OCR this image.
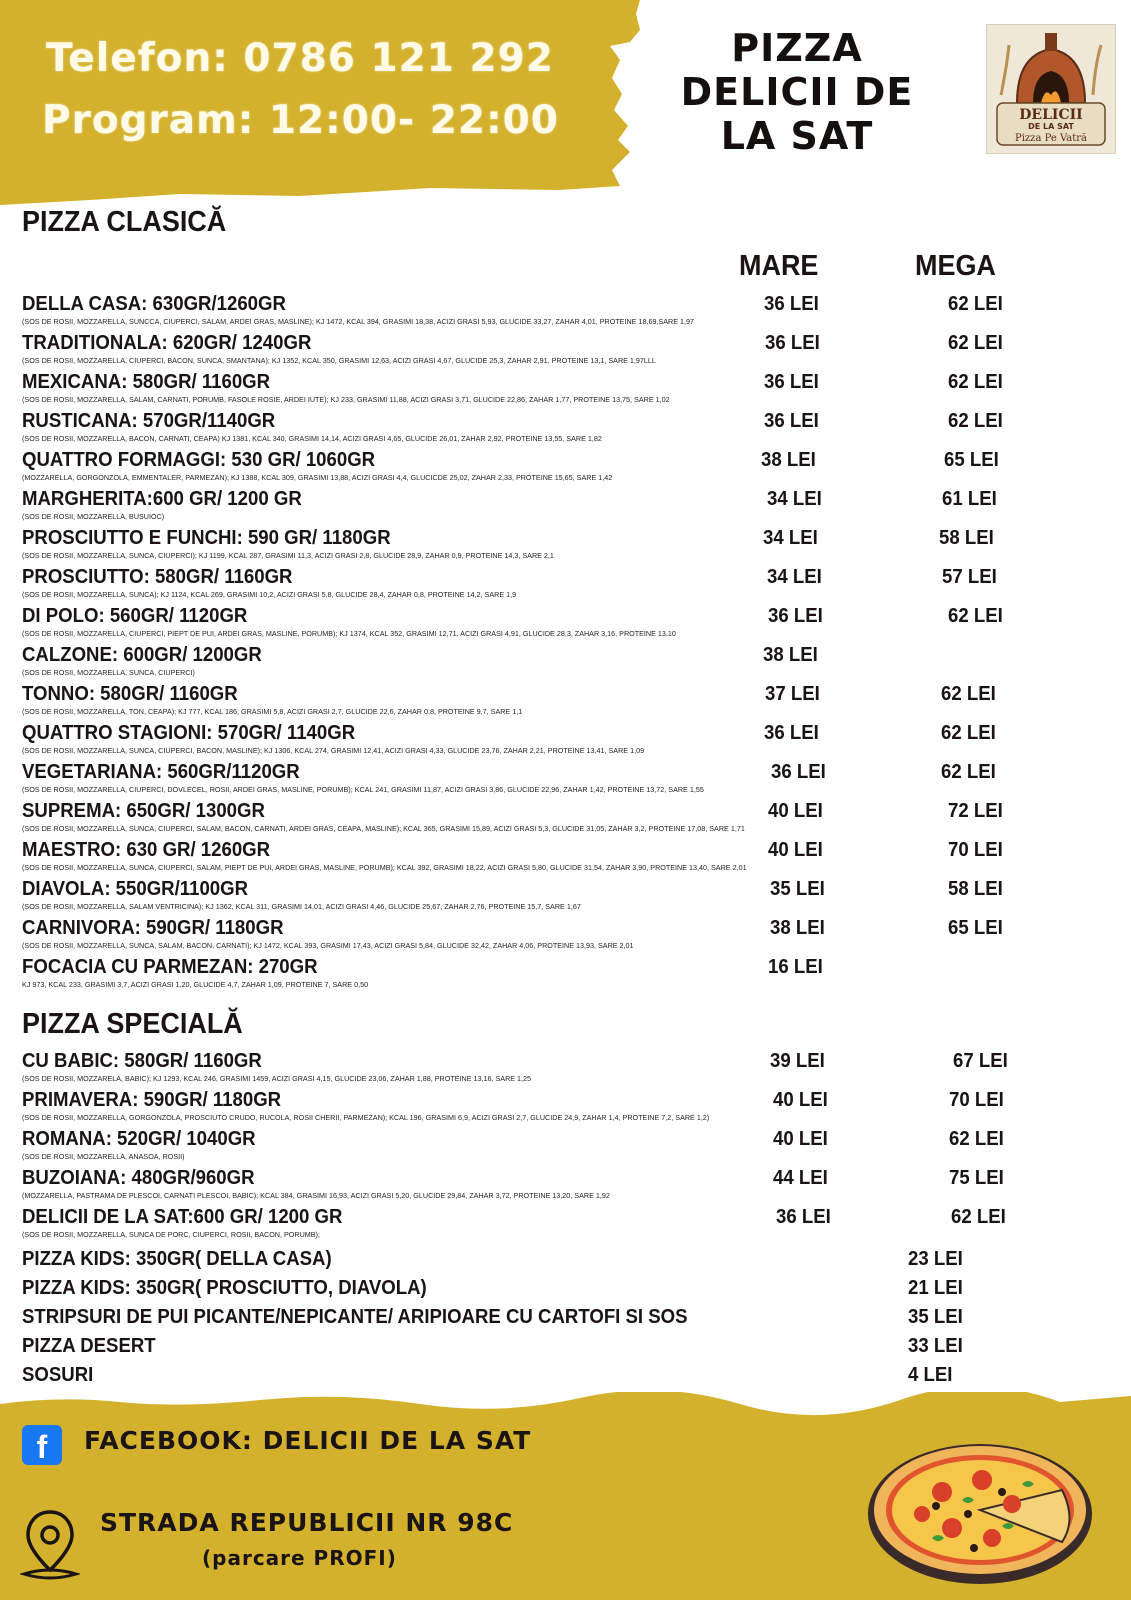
Telefon: 0786 121 292
Program: 12:00- 22:00
PIZZA
DELICII DE
LA SAT	DELICII
DE LA SAT
Pizza Pe Vatră
PIZZA CLASICĂ
MARE	MEGA
DELLA CASA: 630GR/1260GR
(SOS DE ROSII, MOZZARELLA, SUNCCA, CIUPERCI, SALAM, ARDEI GRAS, MASLINE); KJ 1472, KCAL 394, GRASIMI 18,38, ACIZI GRASI 5,93, GLUCIDE 33,27, ZAHAR 4,01, PROTEINE 18,69,SARE 1,97
36 LEI	62 LEI
TRADITIONALA: 620GR/ 1240GR
(SOS DE ROSII, MOZZARELLA, CIUPERCI, BACON, SUNCA, SMANTANA); KJ 1352, KCAL 350, GRASIMI 12,63, ACIZI GRASI 4,67, GLUCIDE 25,3, ZAHAR 2,91, PROTEINE 13,1, SARE 1,97LLL
36 LEI	62 LEI
MEXICANA: 580GR/ 1160GR
(SOS DE ROSII, MOZZARELLA, SALAM, CARNATI, PORUMB, FASOLE ROSIE, ARDEI IUTE); KJ 233, GRASIMI 11,88, ACIZI GRASI 3,71, GLUCIDE 22,86, ZAHAR 1,77, PROTEINE 13,75, SARE 1,02
36 LEI	62 LEI
RUSTICANA: 570GR/1140GR
(SOS DE ROSII, MOZZARELLA, BACON, CARNATI, CEAPA) KJ 1381, KCAL 340, GRASIMI 14,14, ACIZI GRASI 4,65, GLUCIDE 26,01, ZAHAR 2,92, PROTEINE 13,55, SARE 1,82
36 LEI	62 LEI
QUATTRO FORMAGGI: 530 GR/ 1060GR
(MOZZARELLA, GORGONZOLA, EMMENTALER, PARMEZAN); KJ 1388, KCAL 309, GRASIMI 13,88, ACIZI GRASI 4,4, GLUCICDE 25,02, ZAHAR 2,33, PROTEINE 15,65, SARE 1,42
38 LEI	65 LEI
MARGHERITA:600 GR/ 1200 GR
(SOS DE ROSII, MOZZARELLA, BUSUIOC)
34 LEI	61 LEI
PROSCIUTTO E FUNCHI: 590 GR/ 1180GR
(SOS DE ROSII, MOZZARELLA, SUNCA, CIUPERCI); KJ 1199, KCAL 287, GRASIMI 11,3, ACIZI GRASI 2,8, GLUCIDE 28,9, ZAHAR 0,9, PROTEINE 14,3, SARE 2,1
34 LEI	58 LEI
PROSCIUTTO: 580GR/ 1160GR
(SOS DE ROSII, MOZZARELLA, SUNCA); KJ 1124, KCAL 269, GRASIMI 10,2, ACIZI GRASI 5,8, GLUCIDE 28,4, ZAHAR 0,8, PROTEINE 14,2, SARE 1,9
34 LEI	57 LEI
DI POLO: 560GR/ 1120GR
(SOS DE ROSII, MOZZARELLA, CIUPERCI, PIEPT DE PUI, ARDEI GRAS, MASLINE, PORUMB); KJ 1374, KCAL 352, GRASIMI 12,71, ACIZI GRASI 4,91, GLUCIDE 28,3, ZAHAR 3,16, PROTEINE 13,10
36 LEI	62 LEI
CALZONE: 600GR/ 1200GR
(SOS DE ROSII, MOZZARELLA, SUNCA, CIUPERCI)
38 LEI
TONNO: 580GR/ 1160GR
(SOS DE ROSII, MOZZARELLA, TON, CEAPA); KJ 777, KCAL 186, GRASIMI 5,8, ACIZI GRASI 2,7, GLUCIDE 22,6, ZAHAR 0,8, PROTEINE 9,7, SARE 1,1
37 LEI	62 LEI
QUATTRO STAGIONI: 570GR/ 1140GR
(SOS DE ROSII, MOZZARELLA, SUNCA, CIUPERCI, BACON, MASLINE); KJ 1306, KCAL 274, GRASIMI 12,41, ACIZI GRASI 4,33, GLUCIDE 23,76, ZAHAR 2,21, PROTEINE 13,41, SARE 1,09
36 LEI	62 LEI
VEGETARIANA: 560GR/1120GR
(SOS DE ROSII, MOZZARELLA, CIUPERCI, DOVLECEL, ROSII, ARDEI GRAS, MASLINE, PORUMB); KCAL 241, GRASIMI 11,87, ACIZI GRASI 3,86, GLUCIDE 22,96, ZAHAR 1,42, PROTEINE 13,72, SARE 1,55
36 LEI	62 LEI
SUPREMA: 650GR/ 1300GR
(SOS DE ROSII, MOZZARELLA, SUNCA, CIUPERCI, SALAM, BACON, CARNATI, ARDEI GRAS, CEAPA, MASLINE); KCAL 365, GRASIMI 15,89, ACIZI GRASI 5,3, GLUCIDE 31,05, ZAHAR 3,2, PROTEINE 17,08, SARE 1,71
40 LEI	72 LEI
MAESTRO: 630 GR/ 1260GR
(SOS DE ROSII, MOZZARELLA, SUNCA, CIUPERCI, SALAM, PIEPT DE PUI, ARDEI GRAS, MASLINE, PORUMB); KCAL 392, GRASIMI 18,22, ACIZI GRASI 5,80, GLUCIDE 31,54, ZAHAR 3,90, PROTEINE 13,40, SARE 2,01
40 LEI	70 LEI
DIAVOLA: 550GR/1100GR
(SOS DE ROSII, MOZZARELLA, SALAM VENTRICINA); KJ 1362, KCAL 311, GRASIMI 14,01, ACIZI GRASI 4,46, GLUCIDE 25,67, ZAHAR 2,76, PROTEINE 15,7, SARE 1,67
35 LEI	58 LEI
CARNIVORA: 590GR/ 1180GR
(SOS DE ROSII, MOZZARELLA, SUNCA, SALAM, BACON, CARNATI); KJ 1472, KCAL 393, GRASIMI 17,43, ACIZI GRASI 5,84, GLUCIDE 32,42, ZAHAR 4,06, PROTEINE 13,93, SARE 2,01
38 LEI	65 LEI
FOCACIA CU PARMEZAN: 270GR
KJ 973, KCAL 233, GRASIMI 3,7, ACIZI GRASI 1,20, GLUCIDE 4,7, ZAHAR 1,09, PROTEINE 7, SARE 0,50
16 LEI
PIZZA SPECIALĂ
CU BABIC: 580GR/ 1160GR
(SOS DE ROSII, MOZZARELA, BABIC); KJ 1293, KCAL 246, GRASIMI 1459, ACIZI GRASI 4,15, GLUCIDE 23,06, ZAHAR 1,88, PROTEINE 13,16, SARE 1,25
39 LEI	67 LEI
PRIMAVERA: 590GR/ 1180GR
(SOS DE ROSII, MOZZARELLA, GORGONZOLA, PROSCIUTO CRUDO, RUCOLA, ROSII CHERII, PARMEZAN); KCAL 196, GRASIMI 6,9, ACIZI GRASI 2,7, GLUCIDE 24,9, ZAHAR 1,4, PROTEINE 7,2, SARE 1,2)
40 LEI	70 LEI
ROMANA: 520GR/ 1040GR
(SOS DE ROSII, MOZZARELLA, ANASOA, ROSII)
40 LEI	62 LEI
BUZOIANA: 480GR/960GR
(MOZZARELLA, PASTRAMA DE PLESCOI, CARNATI PLESCOI, BABIC); KCAL 384, GRASIMI 16,93, ACIZI GRASI 5,20, GLUCIDE 29,84, ZAHAR 3,72, PROTEINE 13,20, SARE 1,92
44 LEI	75 LEI
DELICII DE LA SAT:600 GR/ 1200 GR
(SOS DE ROSII, MOZZARELLA, SUNCA DE PORC, CIUPERCI, ROSII, BACON, PORUMB);
36 LEI	62 LEI
PIZZA KIDS: 350GR( DELLA CASA)	23 LEI
PIZZA KIDS: 350GR( PROSCIUTTO, DIAVOLA)	21 LEI
STRIPSURI DE PUI PICANTE/NEPICANTE/ ARIPIOARE CU CARTOFI SI SOS	35 LEI
PIZZA DESERT	33 LEI
SOSURI	4 LEI
f	FACEBOOK: DELICII DE LA SAT
STRADA REPUBLICII NR 98C
(parcare PROFI)
